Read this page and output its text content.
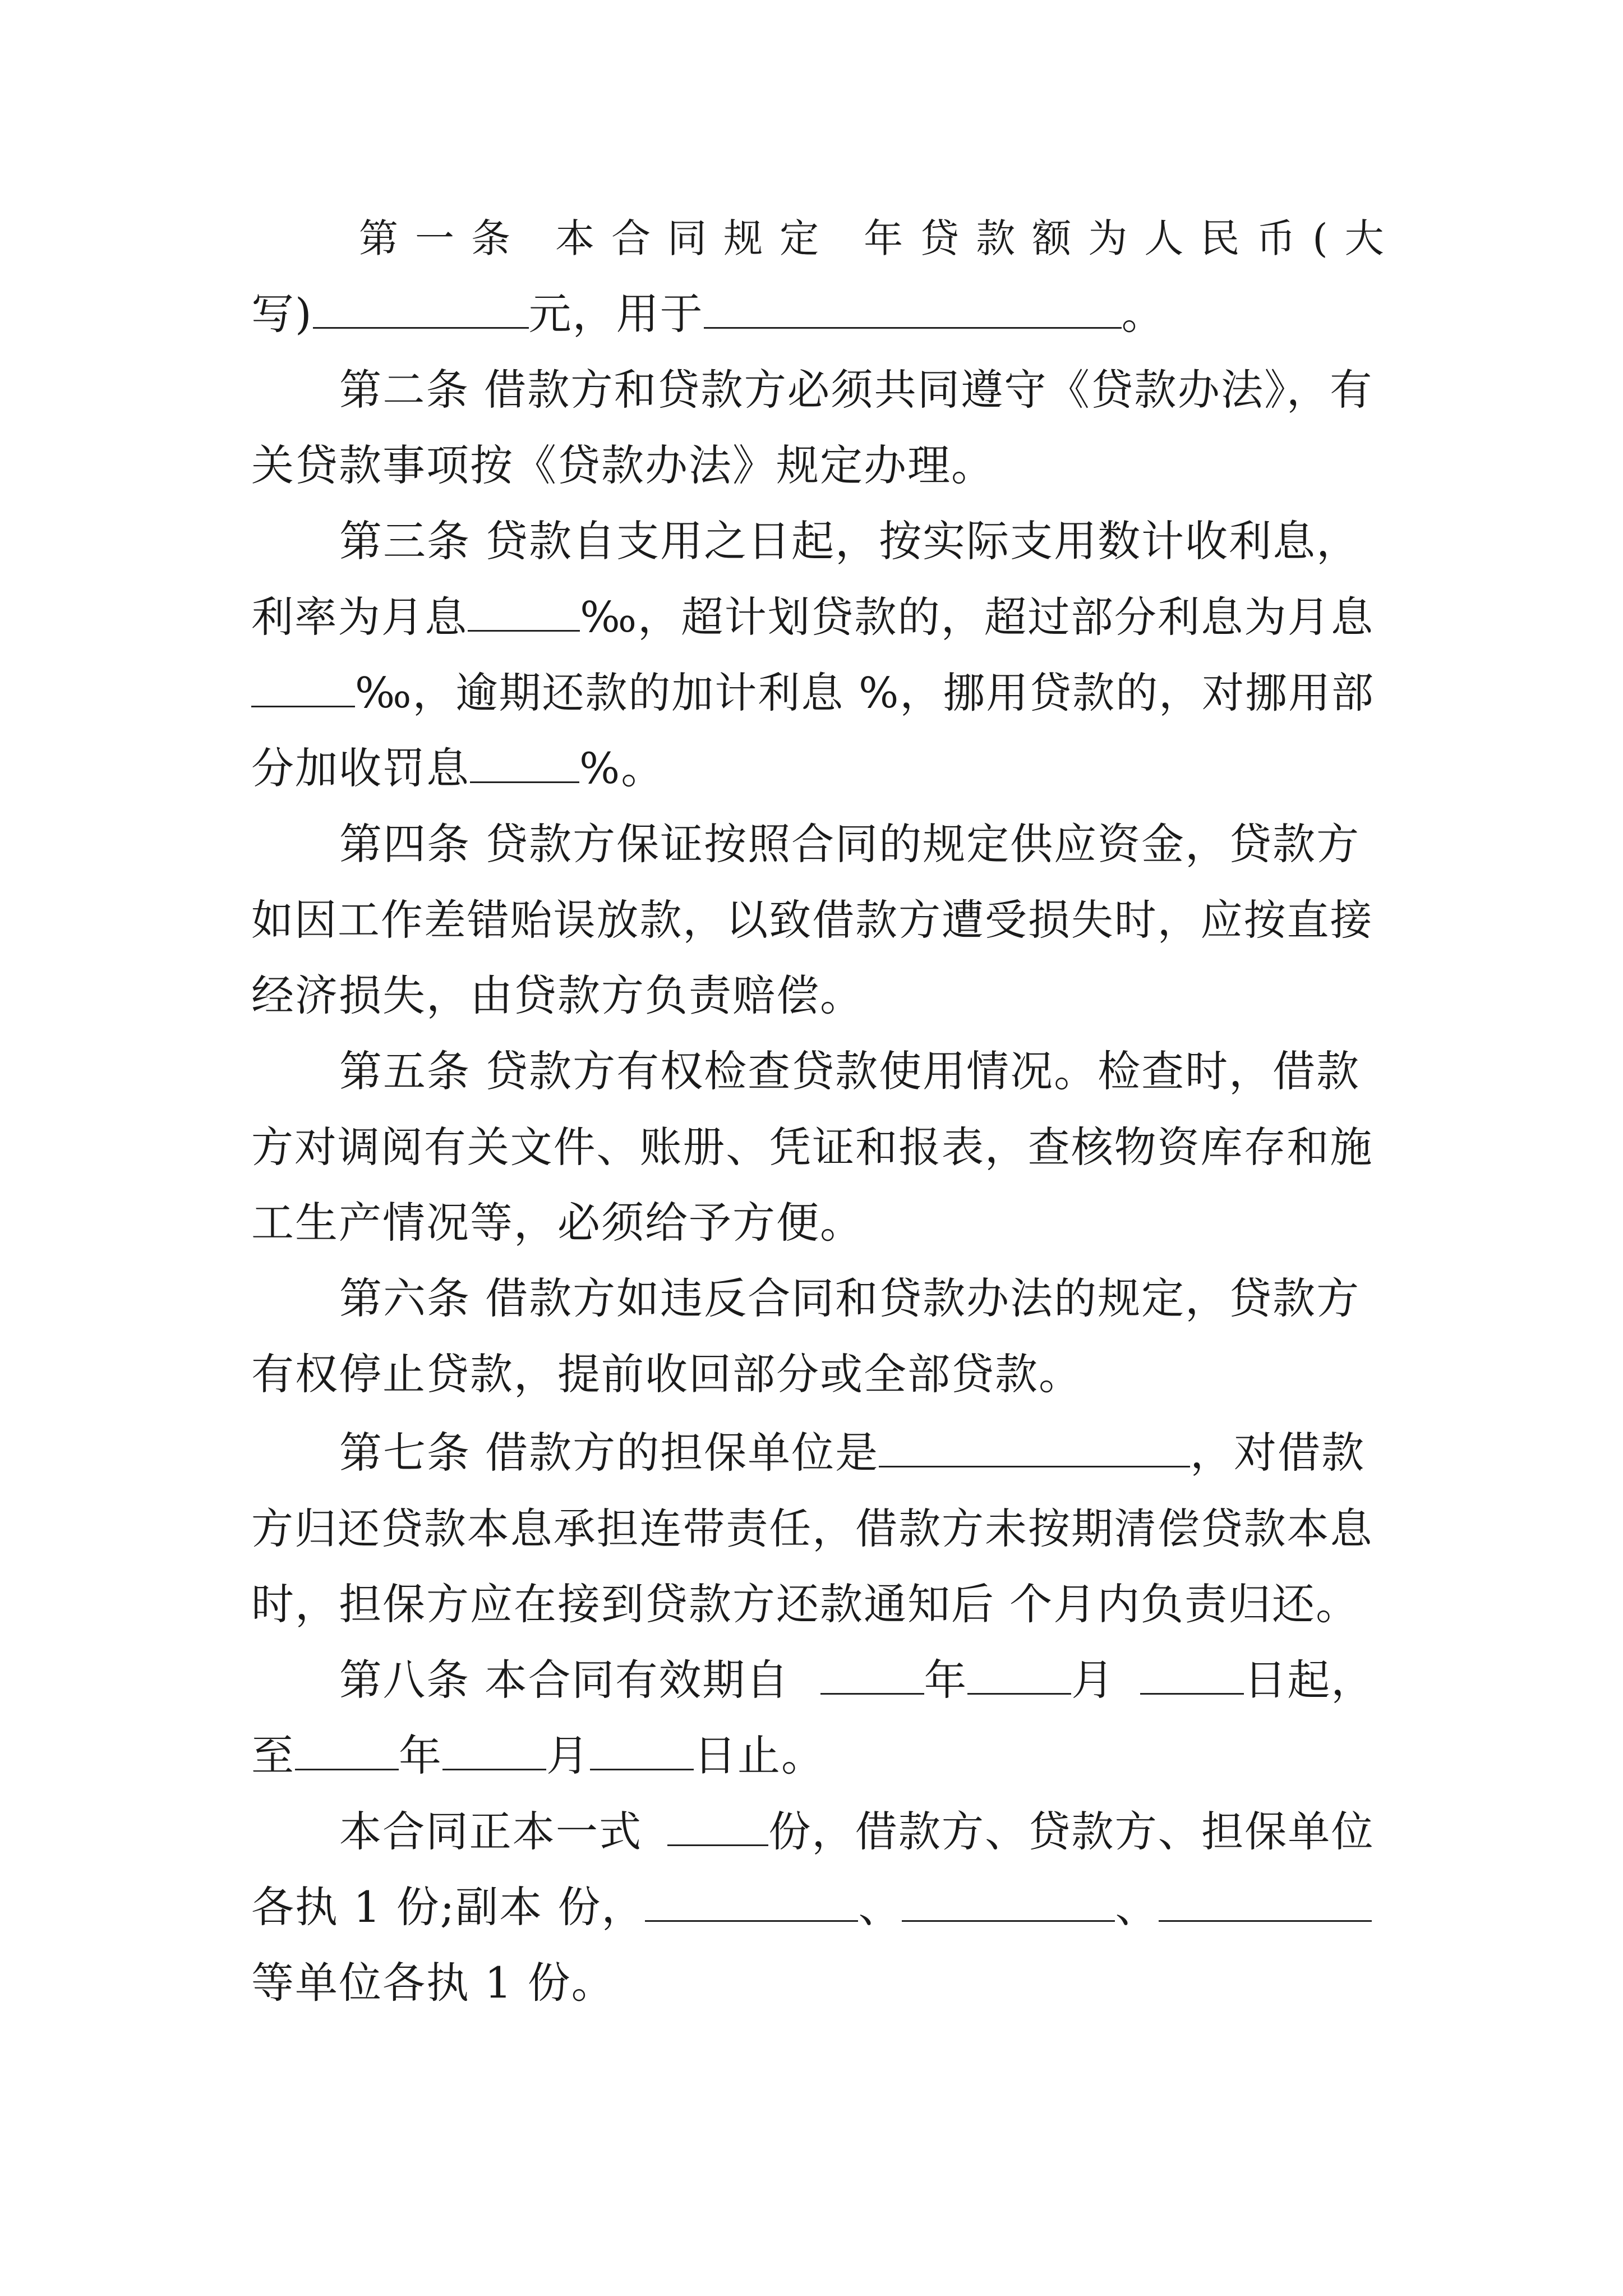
第一条 本合同规定 年贷款额为人民币(大
写)	元，用于	。
第二条 借款方和贷款方必须共同遵守《贷款办法》，有
关贷款事项按《贷款办法》规定办理。
第三条 贷款自支用之日起，按实际支用数计收利息，
利率为月息	‰，超计划贷款的，超过部分利息为月息
‰，逾期还款的加计利息 %，挪用贷款的，对挪用部
分加收罚息	%。
第四条 贷款方保证按照合同的规定供应资金，贷款方
如因工作差错贻误放款，以致借款方遭受损失时，应按直接
经济损失，由贷款方负责赔偿。
第五条 贷款方有权检查贷款使用情况。检查时，借款
方对调阅有关文件、账册、凭证和报表，查核物资库存和施
工生产情况等，必须给予方便。
第六条 借款方如违反合同和贷款办法的规定，贷款方
有权停止贷款，提前收回部分或全部贷款。
第七条 借款方的担保单位是	，对借款
方归还贷款本息承担连带责任，借款方未按期清偿贷款本息
时，担保方应在接到贷款方还款通知后 个月内负责归还。
第八条 本合同有效期自	年 月	日起，
至 年 月 日止。
本合同正本一式	份，借款方、贷款方、担保单位
各执 1 份;副本 份，	、	、
等单位各执 1 份。
